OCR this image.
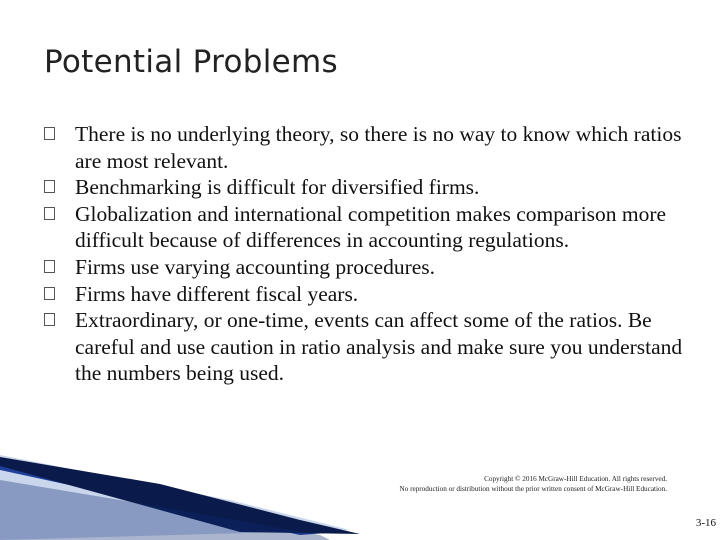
Potential Problems
There is no underlying theory, so there is no way to know which ratios are most relevant.
Benchmarking is difficult for diversified firms.
Globalization and international competition makes comparison more difficult because of differences in accounting regulations.
Firms use varying accounting procedures.
Firms have different fiscal years.
Extraordinary, or one-time, events can affect some of the ratios. Be careful and use caution in ratio analysis and make sure you understand the numbers being used.
Copyright © 2016 McGraw-Hill Education. All rights reserved.
No reproduction or distribution without the prior written consent of McGraw-Hill Education.
3-16
